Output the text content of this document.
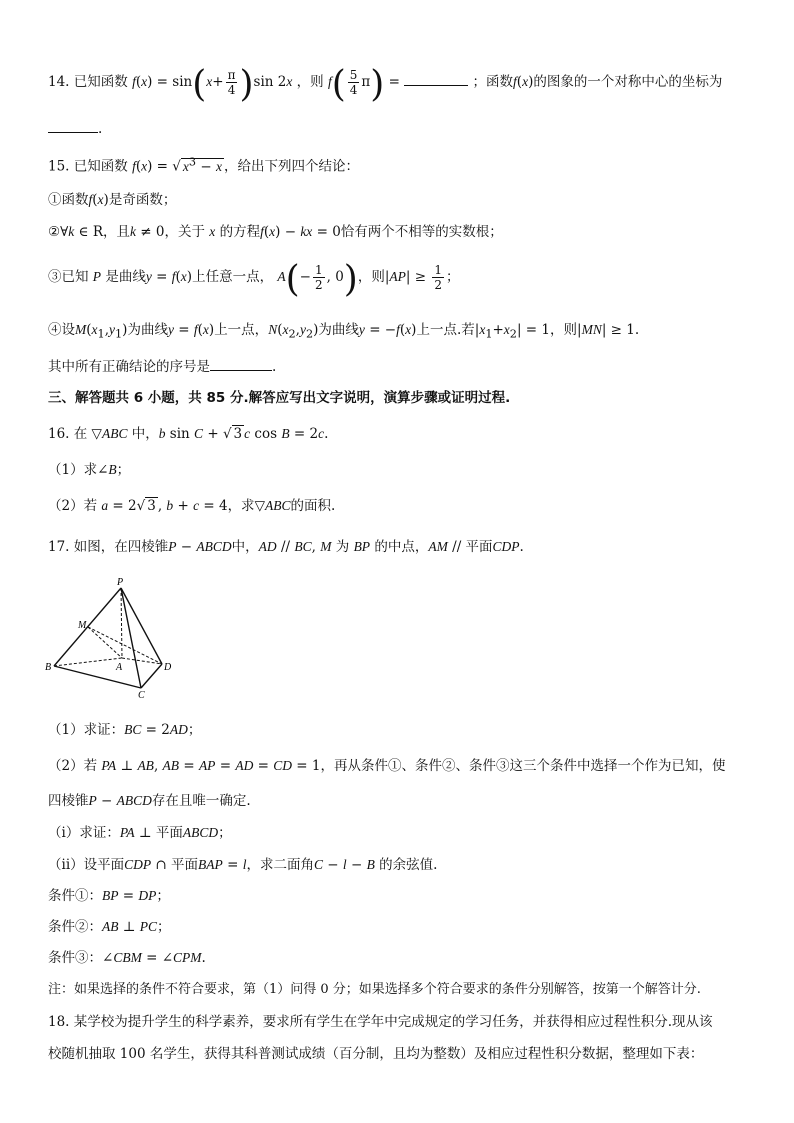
14. 已知函数 $f(x) = \sin(x+ \frac{\pi}{4} )\sin$ 2x ，则 $f( \frac{5}{4} \pi)$ =	；函数f(x)的图象的一个对称中心的坐标为
.
15. 已知函数 f(x) = √ $x^3 - x$ ，给出下列四个结论：
①函数f(x)是奇函数；
②∀k ∈ R，且k ≠ 0，关于 x 的方程f(x) − kx = 0恰有两个不相等的实数根；
③已知 P 是曲线y = f(x)上任意一点， $A(- \frac{1}{2}$ , 0)，则$|AP| \ge \frac{1}{2}$ ；
④设$M(x_1,y_1)$为曲线y = f(x)上一点，$N(x_2,y_2)$为曲线y = −f(x)上一点.若$|x_1+x_2| = 1$，则|MN| ≥ 1.
其中所有正确结论的序号是	.
三、解答题共 6 小题，共 85 分.解答应写出文字说明，演算步骤或证明过程.
16. 在 ▽ABC 中，b sin C + √ 3 c cos B = 2c.
（1）求∠B；
（2）若 a = 2√ 3 , b + c = 4，求▽ABC的面积.
17. 如图，在四棱锥P − ABCD中，AD // BC, M 为 BP 的中点，AM // 平面CDP.
P
M
A
B	D
C
（1）求证：BC = 2AD；
（2）若 PA ⊥ AB, AB = AP = AD = CD = 1，再从条件①、条件②、条件③这三个条件中选择一个作为已知，使
四棱锥P − ABCD存在且唯一确定.
（i）求证：PA ⊥ 平面ABCD；
（ii）设平面CDP ∩ 平面BAP = l，求二面角C − l − B 的余弦值.
条件①：BP = DP；
条件②：AB ⊥ PC；
条件③：∠CBM = ∠CPM.
注：如果选择的条件不符合要求，第（1）问得 0 分；如果选择多个符合要求的条件分别解答，按第一个解答计分.
18. 某学校为提升学生的科学素养，要求所有学生在学年中完成规定的学习任务，并获得相应过程性积分.现从该
校随机抽取 100 名学生，获得其科普测试成绩（百分制，且均为整数）及相应过程性积分数据，整理如下表：
